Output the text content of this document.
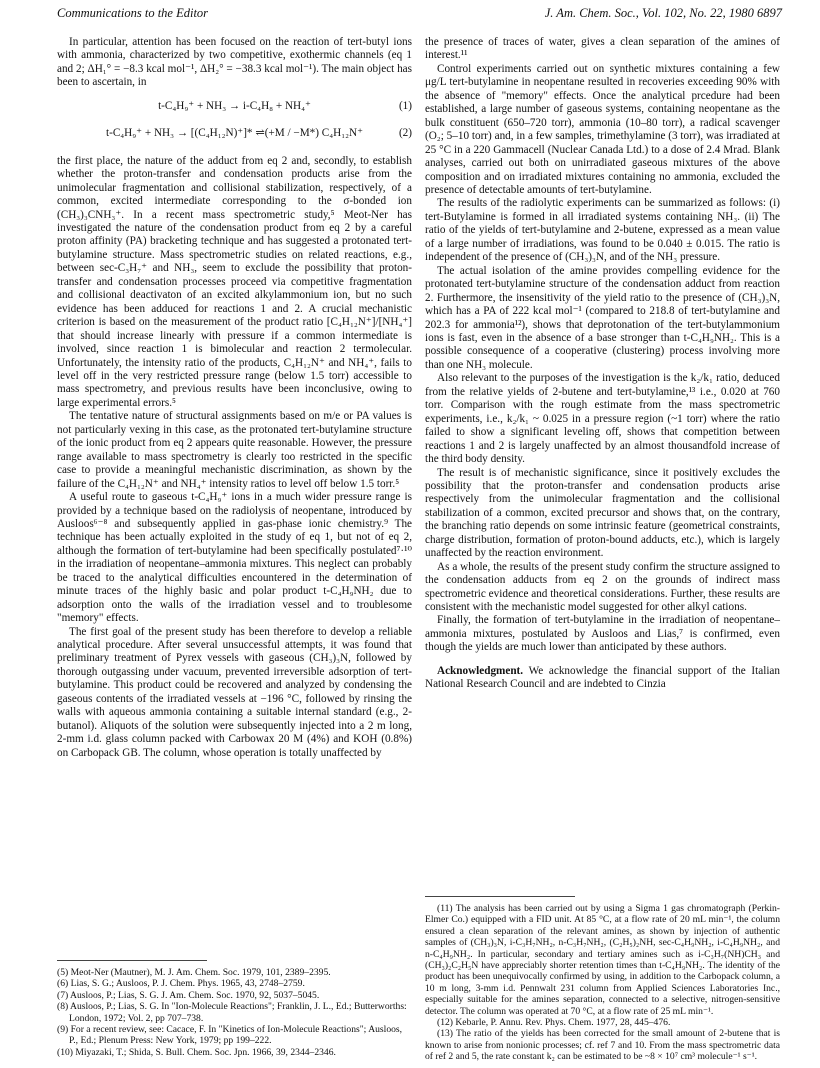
Communications to the Editor	J. Am. Chem. Soc., Vol. 102, No. 22, 1980 6897

In particular, attention has been focused on the reaction of tert-butyl ions with ammonia, characterized by two competitive, exothermic channels (eq 1 and 2; ΔH₁° = −8.3 kcal mol⁻¹, ΔH₂° = −38.3 kcal mol⁻¹). The main object has been to ascertain, in

t-C₄H₉⁺ + NH₃ → i-C₄H₈ + NH₄⁺	(1)
t-C₄H₉⁺ + NH₃ → [(C₄H₁₂N)⁺]* ⇌(+M / −M*) C₄H₁₂N⁺	(2)

the first place, the nature of the adduct from eq 2 and, secondly, to establish whether the proton-transfer and condensation products arise from the unimolecular fragmentation and collisional stabilization, respectively, of a common, excited intermediate corresponding to the σ-bonded ion (CH₃)₃CNH₃⁺. In a recent mass spectrometric study,⁵ Meot-Ner has investigated the nature of the condensation product from eq 2 by a careful proton affinity (PA) bracketing technique and has suggested a protonated tert-butylamine structure. Mass spectrometric studies on related reactions, e.g., between sec-C₃H₇⁺ and NH₃, seem to exclude the possibility that proton-transfer and condensation processes proceed via competitive fragmentation and collisional deactivaton of an excited alkylammonium ion, but no such evidence has been adduced for reactions 1 and 2. A crucial mechanistic criterion is based on the measurement of the product ratio [C₄H₁₂N⁺]/[NH₄⁺] that should increase linearly with pressure if a common intermediate is involved, since reaction 1 is bimolecular and reaction 2 termolecular. Unfortunately, the intensity ratio of the products, C₄H₁₂N⁺ and NH₄⁺, fails to level off in the very restricted pressure range (below 1.5 torr) accessible to mass spectrometry, and previous results have been inconclusive, owing to large experimental errors.⁵

The tentative nature of structural assignments based on m/e or PA values is not particularly vexing in this case, as the protonated tert-butylamine structure of the ionic product from eq 2 appears quite reasonable. However, the pressure range available to mass spectrometry is clearly too restricted in the specific case to provide a meaningful mechanistic discrimination, as shown by the failure of the C₄H₁₂N⁺ and NH₄⁺ intensity ratios to level off below 1.5 torr.⁵

A useful route to gaseous t-C₄H₉⁺ ions in a much wider pressure range is provided by a technique based on the radiolysis of neopentane, introduced by Ausloos⁶⁻⁸ and subsequently applied in gas-phase ionic chemistry.⁹ The technique has been actually exploited in the study of eq 1, but not of eq 2, although the formation of tert-butylamine had been specifically postulated⁷·¹⁰ in the irradiation of neopentane–ammonia mixtures. This neglect can probably be traced to the analytical difficulties encountered in the determination of minute traces of the highly basic and polar product t-C₄H₉NH₂ due to adsorption onto the walls of the irradiation vessel and to troublesome "memory" effects.

The first goal of the present study has been therefore to develop a reliable analytical procedure. After several unsuccessful attempts, it was found that preliminary treatment of Pyrex vessels with gaseous (CH₃)₃N, followed by thorough outgassing under vacuum, prevented irreversible adsorption of tert-butylamine. This product could be recovered and analyzed by condensing the gaseous contents of the irradiated vessels at −196 °C, followed by rinsing the walls with aqueous ammonia containing a suitable internal standard (e.g., 2-butanol). Aliquots of the solution were subsequently injected into a 2 m long, 2-mm i.d. glass column packed with Carbowax 20 M (4%) and KOH (0.8%) on Carbopack GB. The column, whose operation is totally unaffected by

the presence of traces of water, gives a clean separation of the amines of interest.¹¹

Control experiments carried out on synthetic mixtures containing a few μg/L tert-butylamine in neopentane resulted in recoveries exceeding 90% with the absence of "memory" effects. Once the analytical prcedure had been established, a large number of gaseous systems, containing neopentane as the bulk constituent (650–720 torr), ammonia (10–80 torr), a radical scavenger (O₂; 5–10 torr) and, in a few samples, trimethylamine (3 torr), was irradiated at 25 °C in a 220 Gammacell (Nuclear Canada Ltd.) to a dose of 2.4 Mrad. Blank analyses, carried out both on unirradiated gaseous mixtures of the above composition and on irradiated mixtures containing no ammonia, excluded the presence of detectable amounts of tert-butylamine.

The results of the radiolytic experiments can be summarized as follows: (i) tert-Butylamine is formed in all irradiated systems containing NH₃. (ii) The ratio of the yields of tert-butylamine and 2-butene, expressed as a mean value of a large number of irradiations, was found to be 0.040 ± 0.015. The ratio is independent of the presence of (CH₃)₃N, and of the NH₃ pressure.

The actual isolation of the amine provides compelling evidence for the protonated tert-butylamine structure of the condensation adduct from reaction 2. Furthermore, the insensitivity of the yield ratio to the presence of (CH₃)₃N, which has a PA of 222 kcal mol⁻¹ (compared to 218.8 of tert-butylamine and 202.3 for ammonia¹²), shows that deprotonation of the tert-butylammonium ions is fast, even in the absence of a base stronger than t-C₄H₉NH₂. This is a possible consequence of a cooperative (clustering) process involving more than one NH₃ molecule.

Also relevant to the purposes of the investigation is the k₂/k₁ ratio, deduced from the relative yields of 2-butene and tert-butylamine,¹³ i.e., 0.020 at 760 torr. Comparison with the rough estimate from the mass spectrometric experiments, i.e., k₂/k₁ ~ 0.025 in a pressure region (~1 torr) where the ratio failed to show a significant leveling off, shows that competition between reactions 1 and 2 is largely unaffected by an almost thousandfold increase of the third body density.

The result is of mechanistic significance, since it positively excludes the possibility that the proton-transfer and condensation products arise respectively from the unimolecular fragmentation and the collisional stabilization of a common, excited precursor and shows that, on the contrary, the branching ratio depends on some intrinsic feature (geometrical constraints, charge distribution, formation of proton-bound adducts, etc.), which is largely unaffected by the reaction environment.

As a whole, the results of the present study confirm the structure assigned to the condensation adducts from eq 2 on the grounds of indirect mass spectrometric evidence and theoretical considerations. Further, these results are consistent with the mechanistic model suggested for other alkyl cations.

Finally, the formation of tert-butylamine in the irradiation of neopentane–ammonia mixtures, postulated by Ausloos and Lias,⁷ is confirmed, even though the yields are much lower than anticipated by these authors.

Acknowledgment. We acknowledge the financial support of the Italian National Research Council and are indebted to Cinzia

(5) Meot-Ner (Mautner), M. J. Am. Chem. Soc. 1979, 101, 2389–2395.

(6) Lias, S. G.; Ausloos, P. J. Chem. Phys. 1965, 43, 2748–2759.

(7) Ausloos, P.; Lias, S. G. J. Am. Chem. Soc. 1970, 92, 5037–5045.

(8) Ausloos, P.; Lias, S. G. In "Ion-Molecule Reactions"; Franklin, J. L., Ed.; Butterworths: London, 1972; Vol. 2, pp 707–738.

(9) For a recent review, see: Cacace, F. In "Kinetics of Ion-Molecule Reactions"; Ausloos, P., Ed.; Plenum Press: New York, 1979; pp 199–222.

(10) Miyazaki, T.; Shida, S. Bull. Chem. Soc. Jpn. 1966, 39, 2344–2346.

(11) The analysis has been carried out by using a Sigma 1 gas chromatograph (Perkin-Elmer Co.) equipped with a FID unit. At 85 °C, at a flow rate of 20 mL min⁻¹, the column ensured a clean separation of the relevant amines, as shown by injection of authentic samples of (CH₃)₃N, i-C₃H₇NH₂, n-C₃H₇NH₂, (C₂H₅)₂NH, sec-C₄H₉NH₂, i-C₄H₉NH₂, and n-C₄H₉NH₂. In particular, secondary and tertiary amines such as i-C₃H₇(NH)CH₃ and (CH₃)₂C₂H₅N have appreciably shorter retention times than t-C₄H₉NH₂. The identity of the product has been unequivocally confirmed by using, in addition to the Carbopack column, a 10 m long, 3-mm i.d. Pennwalt 231 column from Applied Sciences Laboratories Inc., especially suitable for the amines separation, connected to a selective, nitrogen-sensitive detector. The column was operated at 70 °C, at a flow rate of 25 mL min⁻¹.

(12) Kebarle, P. Annu. Rev. Phys. Chem. 1977, 28, 445–476.

(13) The ratio of the yields has been corrected for the small amount of 2-butene that is known to arise from nonionic processes; cf. ref 7 and 10. From the mass spectrometric data of ref 2 and 5, the rate constant k₂ can be estimated to be ~8 × 10⁷ cm³ molecule⁻¹ s⁻¹.
